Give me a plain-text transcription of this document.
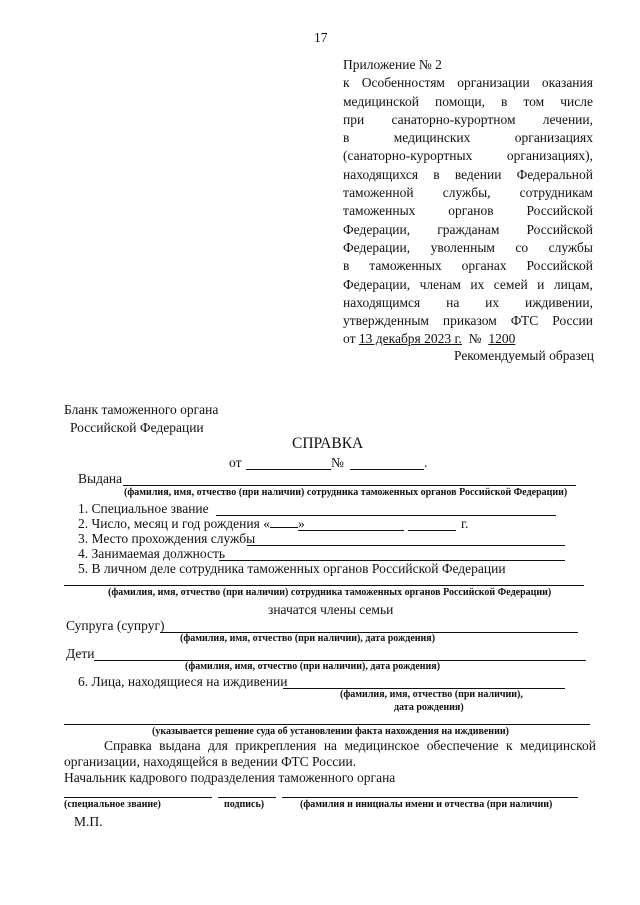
17
Приложение № 2
к Особенностям организации оказания
медицинской помощи, в том числе
при санаторно-курортном лечении,
в	медицинских	организациях
(санаторно-курортных	организациях),
находящихся в ведении Федеральной
таможенной службы, сотрудникам
таможенных органов Российской
Федерации, гражданам Российской
Федерации, уволенным со службы
в таможенных органах Российской
Федерации, членам их семей и лицам,
находящимся на их иждивении,
утвержденным приказом ФТС России
от
13 декабря 2023 г.
№
1200
Рекомендуемый образец
Бланк таможенного органа
Российской Федерации
СПРАВКА
от	№	.
Выдана
(фамилия, имя, отчество (при наличии) сотрудника таможенных органов Российской Федерации)
1. Специальное звание
2. Число, месяц и год рождения « »	г.
3. Место прохождения службы
4. Занимаемая должность
5. В личном деле сотрудника таможенных органов Российской Федерации
(фамилия, имя, отчество (при наличии) сотрудника таможенных органов Российской Федерации)
значатся члены семьи
Супруга (супруг)
(фамилия, имя, отчество (при наличии), дата рождения)
Дети
(фамилия, имя, отчество (при наличии), дата рождения)
6. Лица, находящиеся на иждивении
(фамилия, имя, отчество (при наличии),
дата рождения)
(указывается решение суда об установлении факта нахождения на иждивении)
Справка выдана для прикрепления на медицинское обеспечение к медицинской
организации, находящейся в ведении ФТС России.
Начальник кадрового подразделения таможенного органа
(специальное звание)	подпись)	(фамилия и инициалы имени и отчества (при наличии)
М.П.
